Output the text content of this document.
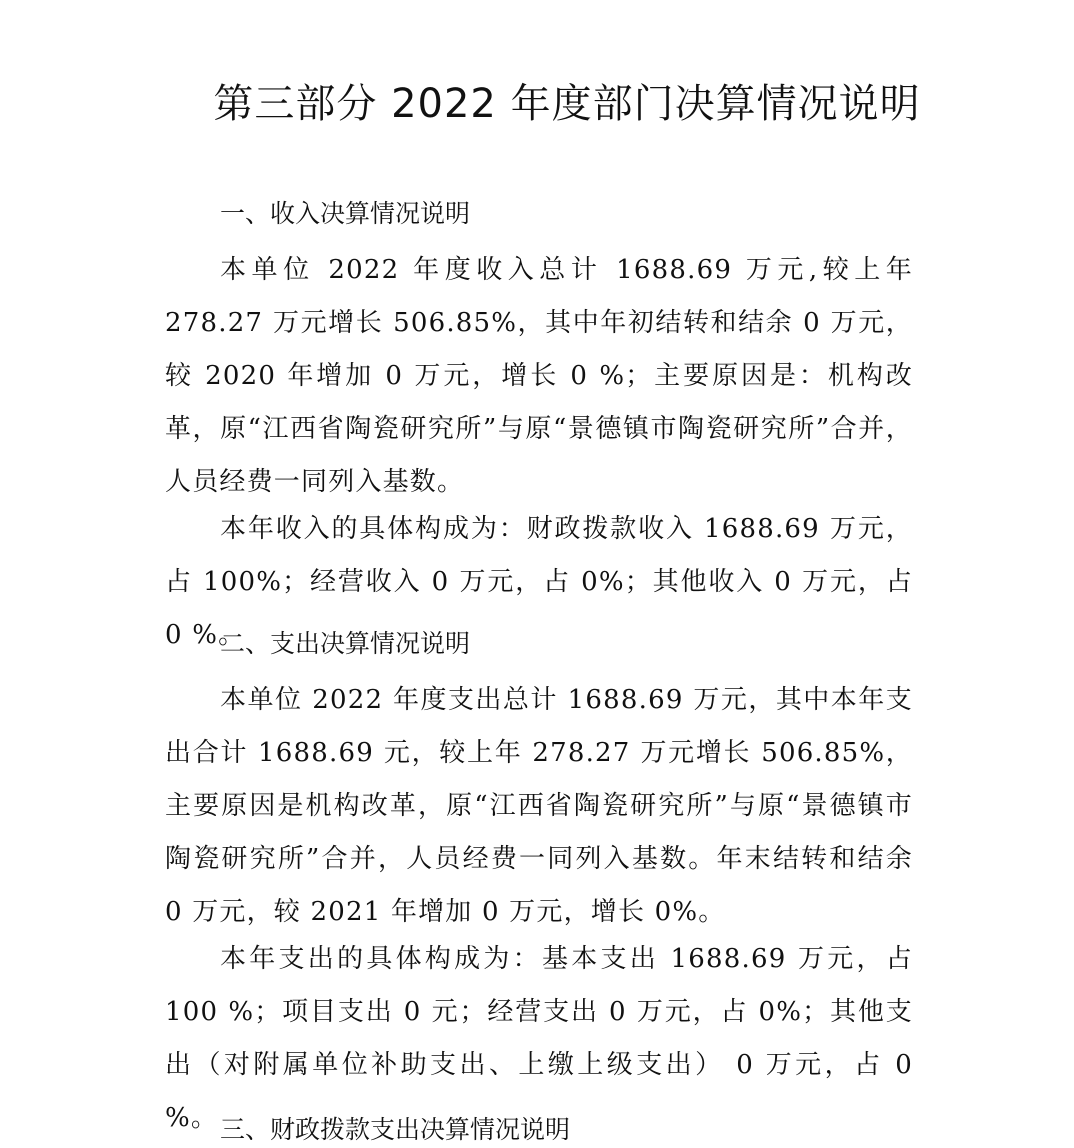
第三部分 2022 年度部门决算情况说明
一、收入决算情况说明
本单位 2022 年度收入总计 1688.69 万元,较上年 278.27 万元增长 506.85%，其中年初结转和结余 0 万元，较 2020 年增加 0 万元，增长 0 %；主要原因是：机构改革，原“江西省陶瓷研究所”与原“景德镇市陶瓷研究所”合并，人员经费一同列入基数。
本年收入的具体构成为：财政拨款收入 1688.69 万元，占 100%；经营收入 0 万元，占 0%；其他收入 0 万元，占 0 %。
二、支出决算情况说明
本单位 2022 年度支出总计 1688.69 万元，其中本年支出合计 1688.69 元，较上年 278.27 万元增长 506.85%，主要原因是机构改革，原“江西省陶瓷研究所”与原“景德镇市陶瓷研究所”合并，人员经费一同列入基数。年末结转和结余 0 万元，较 2021 年增加 0 万元，增长 0%。
本年支出的具体构成为：基本支出 1688.69 万元，占 100 %；项目支出 0 元；经营支出 0 万元，占 0%；其他支出（对附属单位补助支出、上缴上级支出） 0 万元，占 0 %。 三、财政拨款支出决算情况说明
